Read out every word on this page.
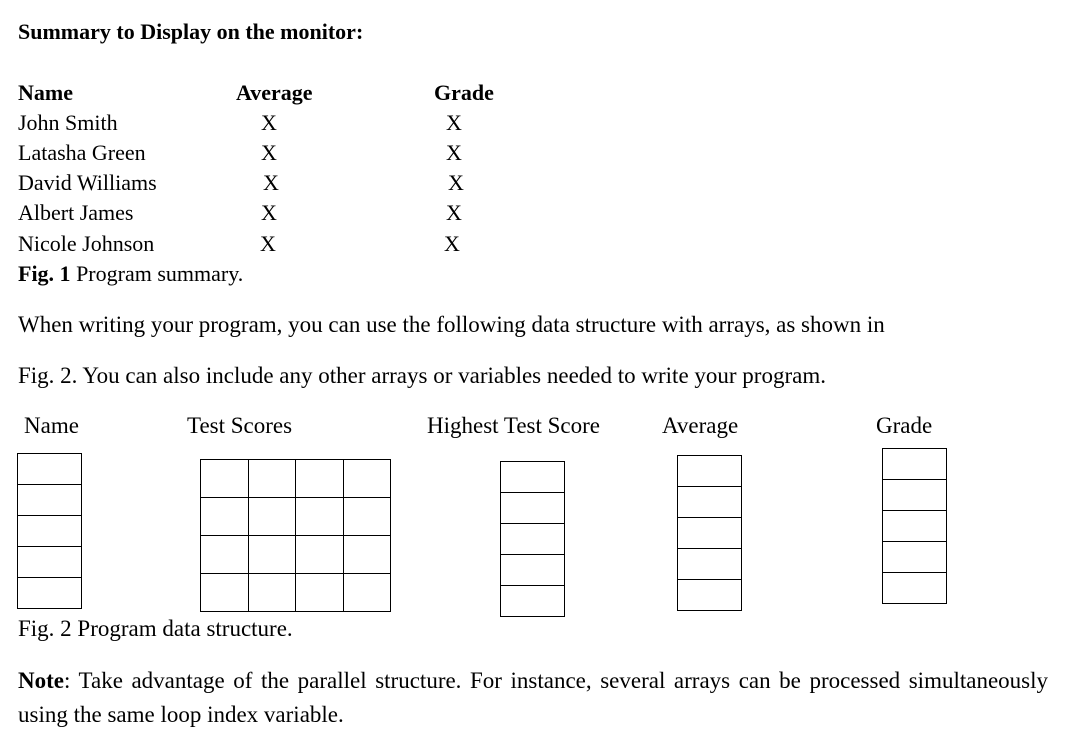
Summary to Display on the monitor:
Name	Average	Grade
John Smith	X	X
Latasha Green	X	X
David Williams	X	X
Albert James	X	X
Nicole Johnson	X	X
Fig. 1 Program summary.
When writing your program, you can use the following data structure with arrays, as shown in
Fig. 2. You can also include any other arrays or variables needed to write your program.
Name	Test Scores	Highest Test Score	Average	Grade
Fig. 2 Program data structure.
Note: Take advantage of the parallel structure. For instance, several arrays can be processed simultaneously using the same loop index variable.
